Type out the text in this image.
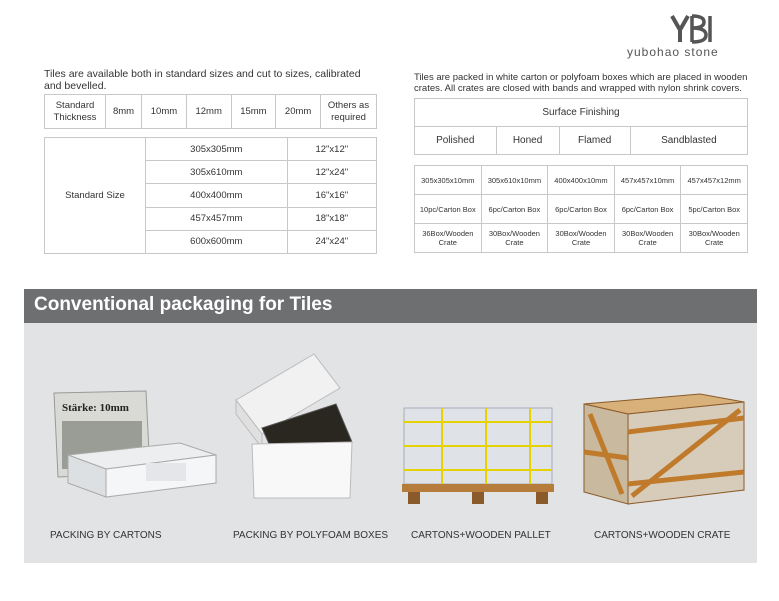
yubohao stone
Tiles are available both in standard sizes and cut to sizes, calibrated and bevelled.
Standard Thickness	8mm	10mm	12mm	15mm	20mm	Others as required
Standard Size	305x305mm	12"x12"
	305x610mm	12"x24"
	400x400mm	16"x16"
	457x457mm	18"x18"
	600x600mm	24"x24"
Tiles are packed in white carton or polyfoam boxes which are placed in wooden crates. All crates are closed with bands and wrapped with nylon shrink covers.
Surface Finishing
Polished	Honed	Flamed	Sandblasted
305x305x10mm	305x610x10mm	400x400x10mm	457x457x10mm	457x457x12mm
10pc/Carton Box	6pc/Carton Box	6pc/Carton Box	6pc/Carton Box	5pc/Carton Box
36Box/Wooden Crate	30Box/Wooden Crate	30Box/Wooden Crate	30Box/Wooden Crate	30Box/Wooden Crate
Conventional packaging for Tiles
Stärke: 10mm
PACKING BY CARTONS	PACKING BY POLYFOAM BOXES CARTONS+WOODEN PALLET	CARTONS+WOODEN CRATE
